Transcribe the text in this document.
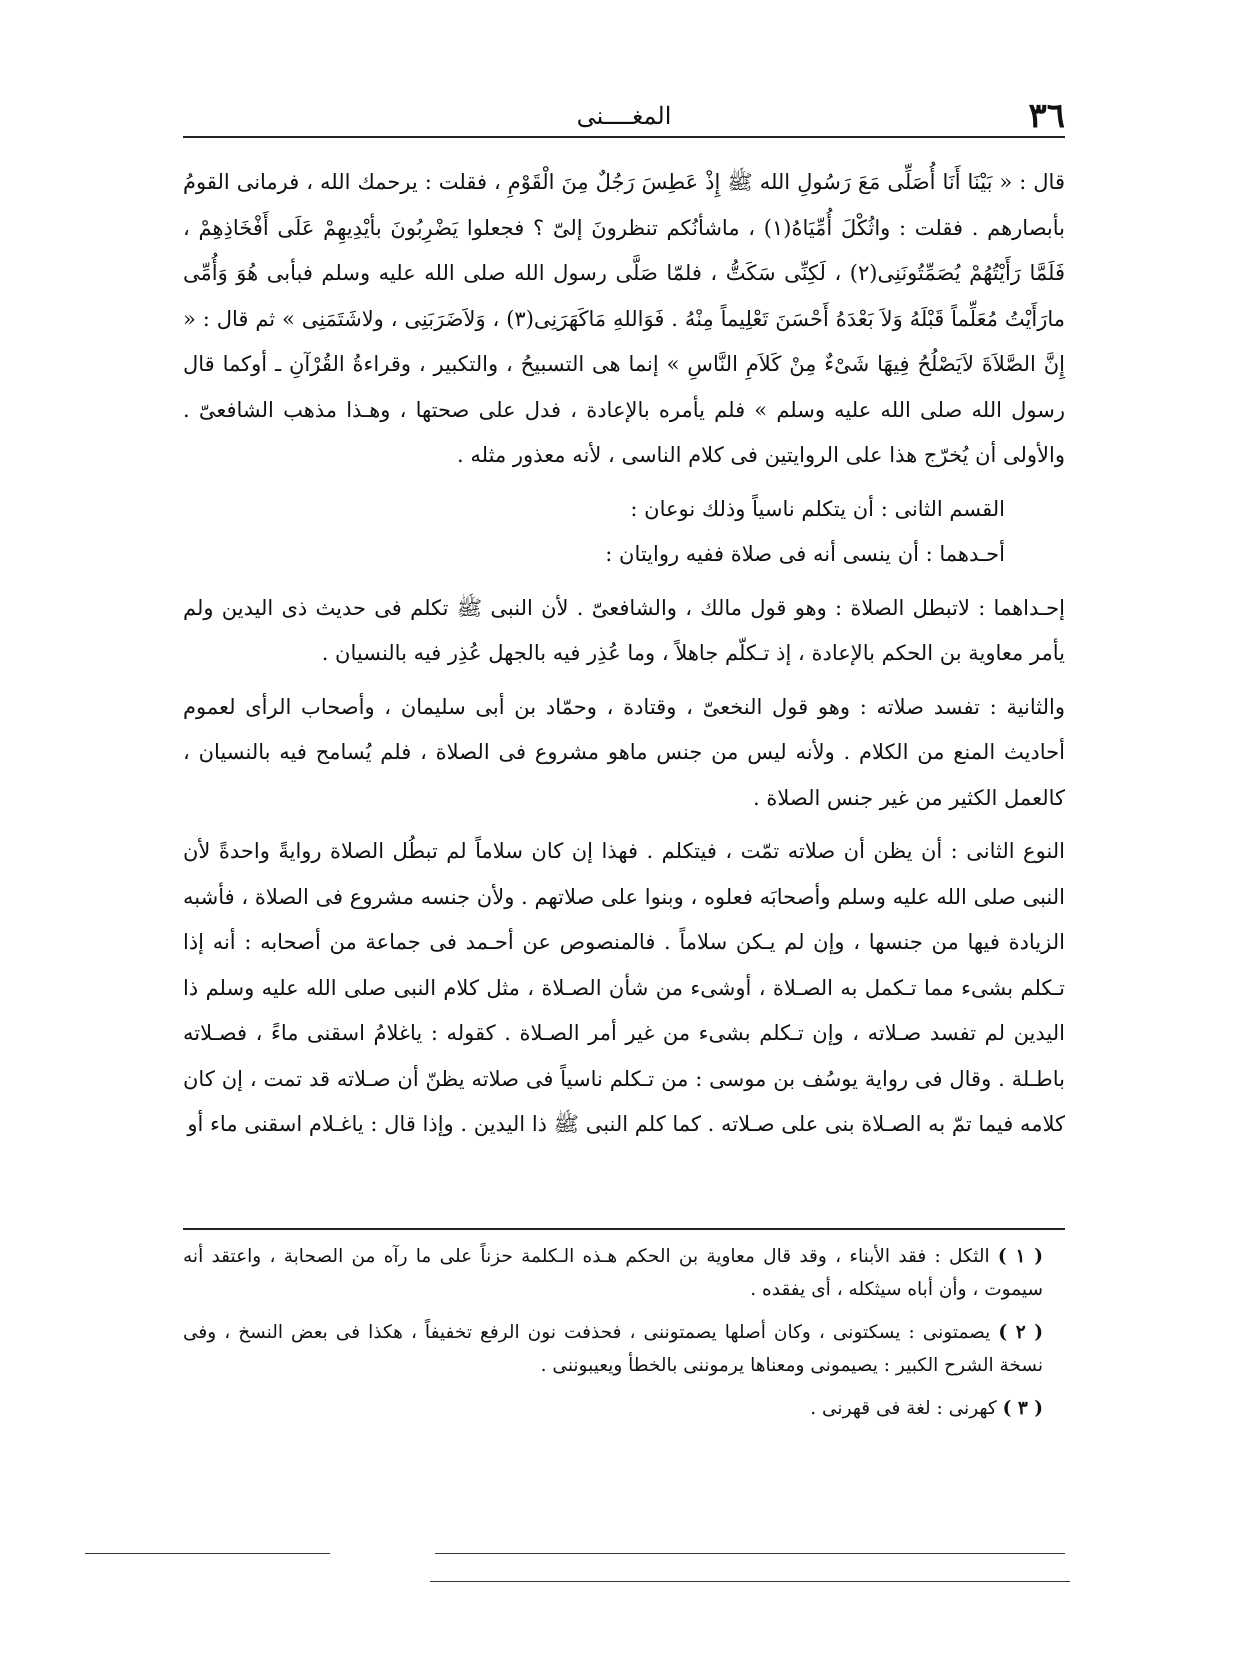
٣٦
المغــــنى

قال : « بَيْنَا أَنَا أُصَلِّى مَعَ رَسُولِ الله ﷺ إِذْ عَطِسَ رَجُلٌ مِنَ الْقَوْمِ ، فقلت : يرحمك الله ، فرمانى القومُ بأبصارهم . فقلت : واثُكْلَ أُمِّيَاهُ(١) ، ماشأنُكم تنظرونَ إلىّ ؟ فجعلوا يَضْرِبُونَ بأيْدِيهِمْ عَلَى أَفْخَاذِهِمْ ، فَلَمَّا رَأَيْتُهُمْ يُصَمِّتُونَنِى(٢) ، لَكِنِّى سَكَتُّ ، فلمّا صَلَّى رسول الله صلى الله عليه وسلم فبأبى هُوَ وَأُمِّى مارَأَيْتُ مُعَلِّماً قَبْلَهُ وَلاَ بَعْدَهُ أَحْسَنَ تَعْلِيماً مِنْهُ . فَوَاللهِ مَاكَهَرَنِى(٣) ، وَلاَضَرَبَنِى ، ولاشَتَمَنِى » ثم قال : « إِنَّ الصَّلاَةَ لاَيَصْلُحُ فِيهَا شَىْءٌ مِنْ كَلاَمِ النَّاسِ » إنما هى التسبيحُ ، والتكبير ، وقراءةُ القُرْآنِ ـ أوكما قال رسول الله صلى الله عليه وسلم » فلم يأمره بالإعادة ، فدل على صحتها ، وهـذا مذهب الشافعىّ . والأولى أن يُخرّج هذا على الروايتين فى كلام الناسى ، لأنه معذور مثله .

القسم الثانى : أن يتكلم ناسياً وذلك نوعان :

أحـدهما : أن ينسى أنه فى صلاة ففيه روايتان :

إحـداهما : لاتبطل الصلاة : وهو قول مالك ، والشافعىّ . لأن النبى ﷺ تكلم فى حديث ذى اليدين ولم يأمر معاوية بن الحكم بالإعادة ، إذ تـكلّم جاهلاً ، وما عُذِر فيه بالجهل عُذِر فيه بالنسيان .

والثانية : تفسد صلاته : وهو قول النخعىّ ، وقتادة ، وحمّاد بن أبى سليمان ، وأصحاب الرأى لعموم أحاديث المنع من الكلام . ولأنه ليس من جنس ماهو مشروع فى الصلاة ، فلم يُسامح فيه بالنسيان ، كالعمل الكثير من غير جنس الصلاة .

النوع الثانى : أن يظن أن صلاته تمّت ، فيتكلم . فهذا إن كان سلاماً لم تبطُل الصلاة روايةً واحدةً لأن النبى صلى الله عليه وسلم وأصحابَه فعلوه ، وبنوا على صلاتهم . ولأن جنسه مشروع فى الصلاة ، فأشبه الزيادة فيها من جنسها ، وإن لم يـكن سلاماً . فالمنصوص عن أحـمد فى جماعة من أصحابه : أنه إذا تـكلم بشىء مما تـكمل به الصـلاة ، أوشىء من شأن الصـلاة ، مثل كلام النبى صلى الله عليه وسلم ذا اليدين لم تفسد صـلاته ، وإن تـكلم بشىء من غير أمر الصـلاة . كقوله : ياغلامُ اسقنى ماءً ، فصـلاته باطـلة . وقال فى رواية يوسُف بن موسى : من تـكلم ناسياً فى صلاته يظنّ أن صـلاته قد تمت ، إن كان كلامه فيما تمّ به الصـلاة بنى على صـلاته . كما كلم النبى ﷺ ذا اليدين . وإذا قال : ياغـلام اسقنى ماء أو

( ١ ) الثكل : فقد الأبناء ، وقد قال معاوية بن الحكم هـذه الـكلمة حزناً على ما رآه من الصحابة ، واعتقد أنه سيموت ، وأن أباه سيثكله ، أى يفقده .

( ٢ ) يصمتونى : يسكتونى ، وكان أصلها يصمتوننى ، فحذفت نون الرفع تخفيفاً ، هكذا فى بعض النسخ ، وفى نسخة الشرح الكبير : يصيمونى ومعناها يرموننى بالخطأ ويعيبوننى .

( ٣ ) كهرنى : لغة فى قهرنى .
